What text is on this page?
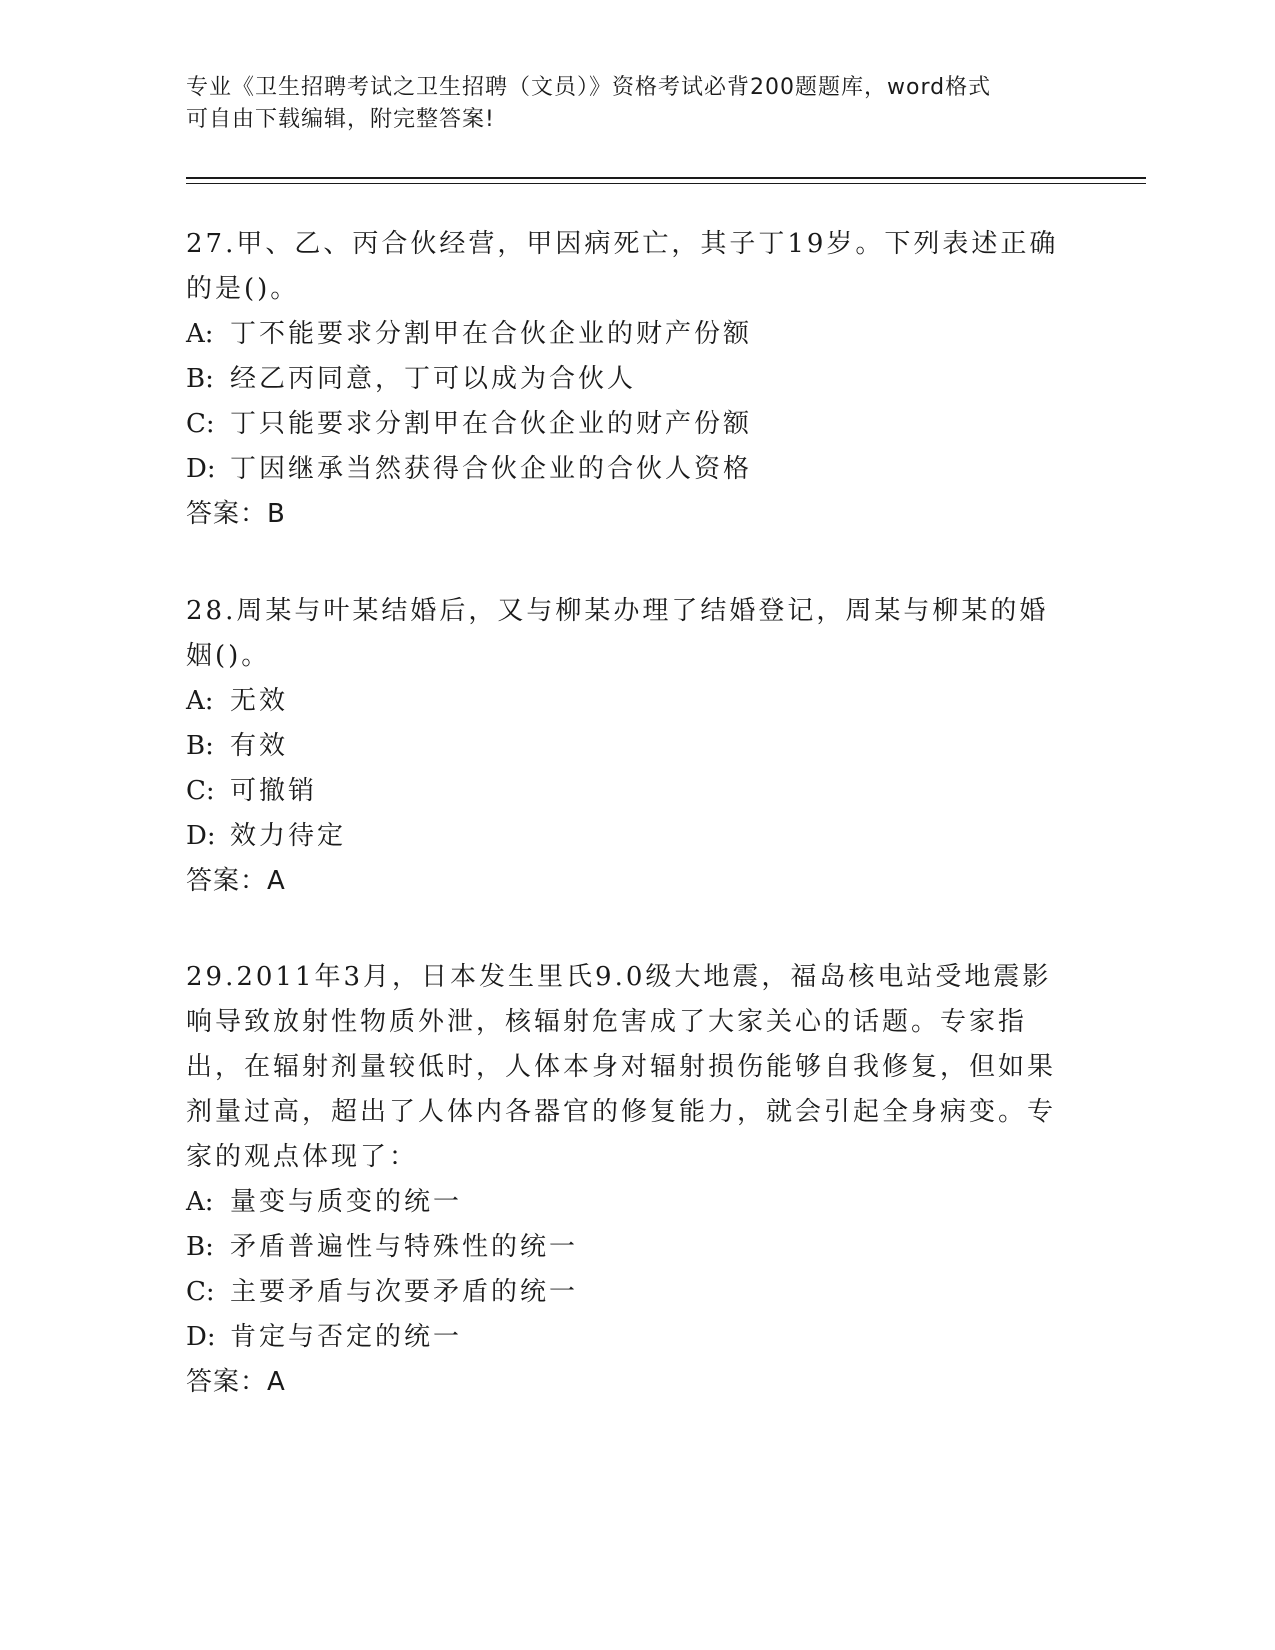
专业《卫生招聘考试之卫生招聘（文员）》资格考试必背200题题库，word格式
可自由下载编辑，附完整答案!

27.甲、乙、丙合伙经营，甲因病死亡，其子丁19岁。下列表述正确的是()。

A: 丁不能要求分割甲在合伙企业的财产份额

B: 经乙丙同意，丁可以成为合伙人

C: 丁只能要求分割甲在合伙企业的财产份额

D: 丁因继承当然获得合伙企业的合伙人资格

答案：B

28.周某与叶某结婚后，又与柳某办理了结婚登记，周某与柳某的婚姻()。

A: 无效

B: 有效

C: 可撤销

D: 效力待定

答案：A

29.2011年3月，日本发生里氏9.0级大地震，福岛核电站受地震影响导致放射性物质外泄，核辐射危害成了大家关心的话题。专家指出，在辐射剂量较低时，人体本身对辐射损伤能够自我修复，但如果剂量过高，超出了人体内各器官的修复能力，就会引起全身病变。专家的观点体现了：

A: 量变与质变的统一

B: 矛盾普遍性与特殊性的统一

C: 主要矛盾与次要矛盾的统一

D: 肯定与否定的统一

答案：A
